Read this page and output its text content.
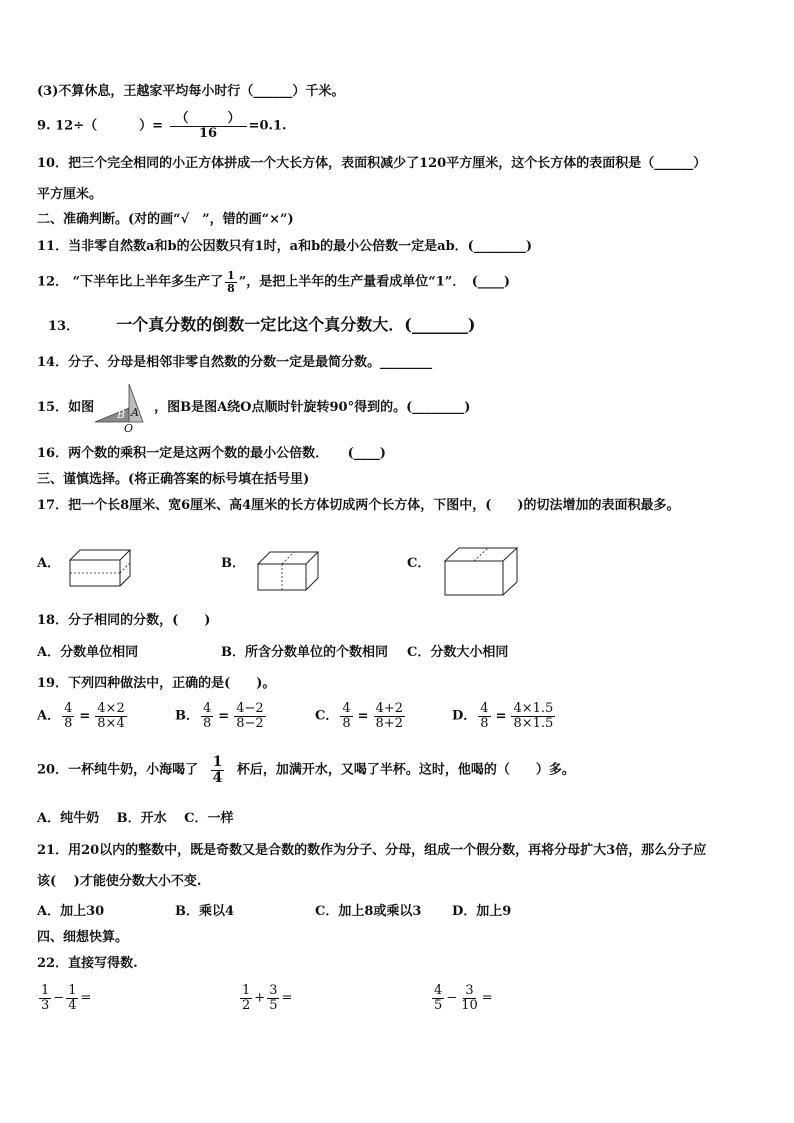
(3)不算休息，王越家平均每小时行（______）千米。
9. 12÷（	）= $\frac{( )}{16} =0.1$.
10．把三个完全相同的小正方体拼成一个大长方体，表面积减少了120平方厘米，这个长方体的表面积是（______）
平方厘米。
二、准确判断。(对的画“√　”，错的画“×”)
11．当非零自然数a和b的公因数只有1时，a和b的最小公倍数一定是ab．(________)
12． “下半年比上半年多生产了 $\frac{1}{8}$ ”，是把上半年的生产量看成单位“1”．　(____)
13． 一个真分数的倒数一定比这个真分数大．(_______)
14．分子、分母是相邻非零自然数的分数一定是最简分数。________
15．如图	，图B是图A绕O点顺时针旋转90°得到的。(________)
B A
O
16．两个数的乘积一定是这两个数的最小公倍数．　　(____)
三、谨慎选择。(将正确答案的标号填在括号里)
17．把一个长8厘米、宽6厘米、高4厘米的长方体切成两个长方体，下图中，(　　)的切法增加的表面积最多。
A．	B．	C．
18．分子相同的分数，(　　)
A．分数单位相同	B．所含分数单位的个数相同 C．分数大小相同
19．下列四种做法中，正确的是(　　)。
A． $\frac{4}{8} = \frac{4\times 2}{8\times 4}$	B． $\frac{4}{8} = \frac{4-2}{8-2}$	C． $\frac{4}{8} = \frac{4+2}{8+2}$	D． $\frac{4}{8} = \frac{4\times 1.5}{8\times 1.5}$
20．一杯纯牛奶，小海喝了 $\frac{1}{4}$ 杯后，加满开水，又喝了半杯。这时，他喝的（　　）多。
A．纯牛奶　 B．开水　 C．一样
21．用20以内的整数中，既是奇数又是合数的数作为分子、分母，组成一个假分数，再将分母扩大3倍，那么分子应
该(　 )才能使分数大小不变.
A．加上30	B．乘以4	C．加上8或乘以3 D．加上9
四、细想快算。
22．直接写得数.
$\frac{1}{3} - \frac{1}{4}$ =	$\frac{1}{2} + \frac{3}{5}$ =	$\frac{4}{5} - \frac{3}{10}$ =
